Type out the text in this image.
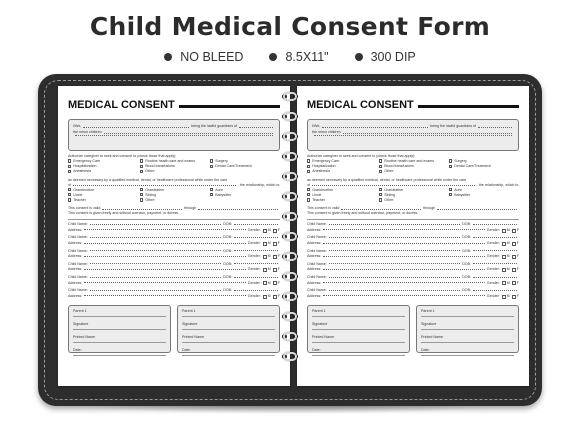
Child Medical Consent Form
NO BLEED	8.5X11"	300 DIP
MEDICAL CONSENT
I/We,	being the lawful guardians of
the minor children
Authorize caregiver to seek and consent to (check those that apply):
Emergency Care	Routine health care and exams	Surgery
Hospitalization	Blood transfusions	Dental Care/Treatment
Anesthesia	Other:
as deemed necessary by a qualified medical, dental, or healthcare professional while under the care
of	, the relationship, which is:
Grandmother	Grandfather	Aunt
Uncle	Sibling	Babysitter
Teacher	Other:
This consent is valid	through
This consent is given freely and without coercion, payment, or duress.
Child Name:	DOB:
Address:	Gender: M F
Child Name:	DOB:
Address:	Gender: M F
Child Name:	DOB:
Address:	Gender: M F
Child Name:	DOB:
Address:	Gender: M F
Child Name:	DOB:
Address:	Gender: M F
Child Name:	DOB:
Address:	Gender: M F
Parent 1
Signature
Printed Name
Date:
Parent 1
Signature
Printed Name
Date:
MEDICAL CONSENT
I/We,	being the lawful guardians of
the minor children
Authorize caregiver to seek and consent to (check those that apply):
Emergency Care	Routine health care and exams	Surgery
Hospitalization	Blood transfusions	Dental Care/Treatment
Anesthesia	Other:
as deemed necessary by a qualified medical, dental, or healthcare professional while under the care
of	, the relationship, which is:
Grandmother	Grandfather	Aunt
Uncle	Sibling	Babysitter
Teacher	Other:
This consent is valid	through
This consent is given freely and without coercion, payment, or duress.
Child Name:	DOB:
Address:	Gender: M F
Child Name:	DOB:
Address:	Gender: M F
Child Name:	DOB:
Address:	Gender: M F
Child Name:	DOB:
Address:	Gender: M F
Child Name:	DOB:
Address:	Gender: M F
Child Name:	DOB:
Address:	Gender: M F
Parent 1
Signature
Printed Name
Date:
Parent 1
Signature
Printed Name
Date:
